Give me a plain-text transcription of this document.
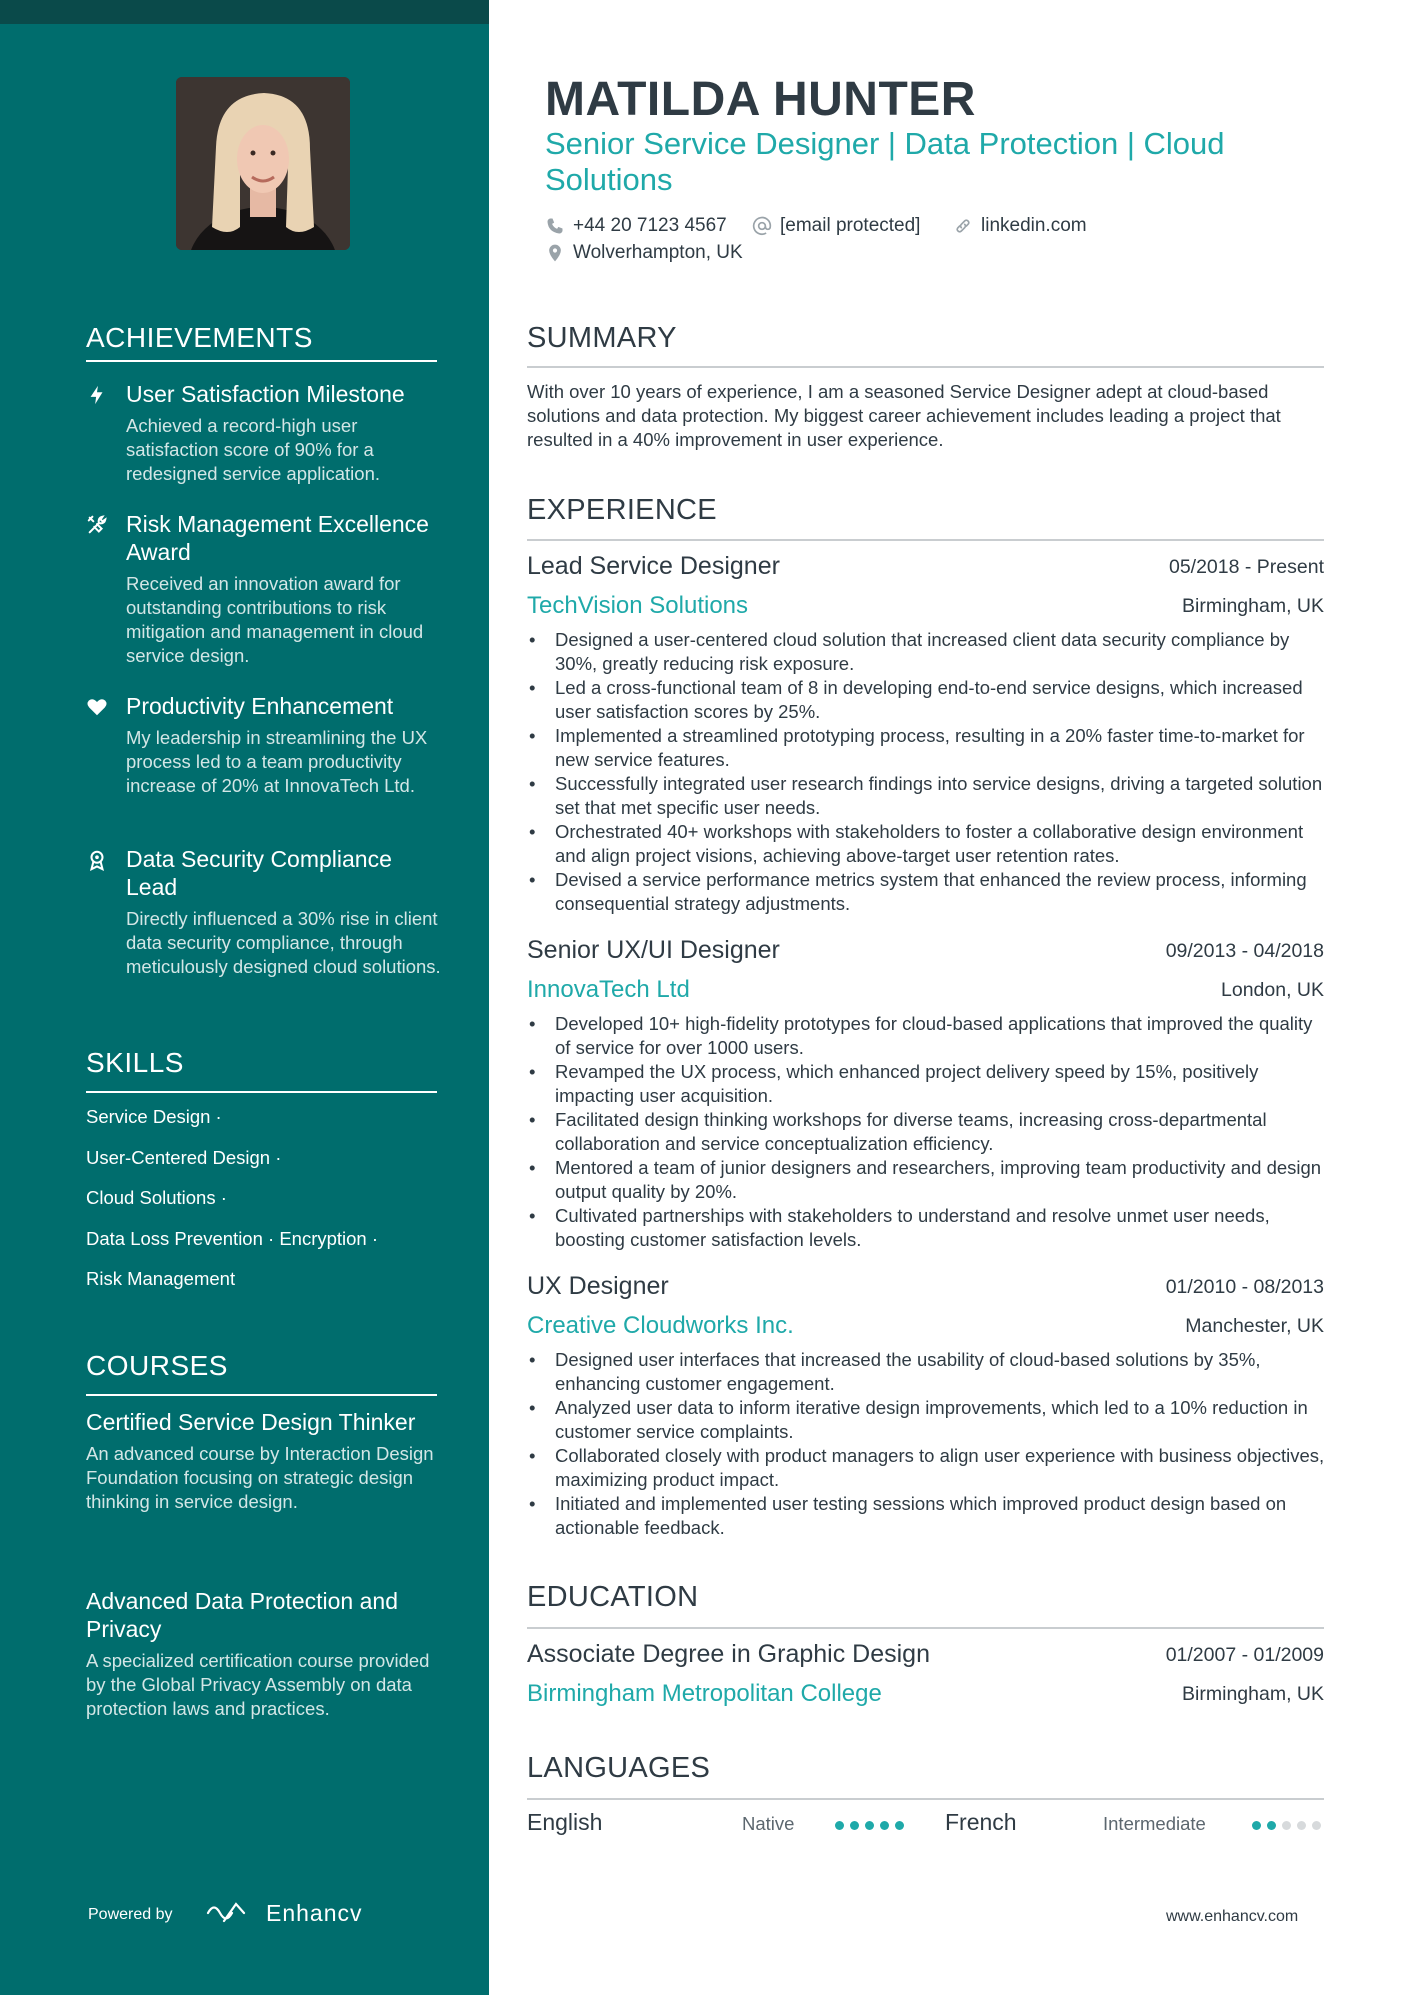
ACHIEVEMENTS
User Satisfaction Milestone
Achieved a record-high user satisfaction score of 90% for a redesigned service application.
Risk Management Excellence Award
Received an innovation award for outstanding contributions to risk mitigation and management in cloud service design.
Productivity Enhancement
My leadership in streamlining the UX process led to a team productivity increase of 20% at InnovaTech Ltd.
Data Security Compliance Lead
Directly influenced a 30% rise in client data security compliance, through meticulously designed cloud solutions.
SKILLS
Service Design ·
User-Centered Design ·
Cloud Solutions ·
Data Loss Prevention · Encryption ·
Risk Management
COURSES
Certified Service Design Thinker
An advanced course by Interaction Design Foundation focusing on strategic design thinking in service design.
Advanced Data Protection and Privacy
A specialized certification course provided by the Global Privacy Assembly on data protection laws and practices.
Powered by	Enhancv
MATILDA HUNTER
Senior Service Designer | Data Protection | Cloud Solutions
+44 20 7123 4567	[email protected]	linkedin.com
Wolverhampton, UK
SUMMARY
With over 10 years of experience, I am a seasoned Service Designer adept at cloud-based solutions and data protection. My biggest career achievement includes leading a project that resulted in a 40% improvement in user experience.
EXPERIENCE
Lead Service Designer	05/2018 - Present
TechVision Solutions	Birmingham, UK
• Designed a user-centered cloud solution that increased client data security compliance by 30%, greatly reducing risk exposure.
• Led a cross-functional team of 8 in developing end-to-end service designs, which increased user satisfaction scores by 25%.
• Implemented a streamlined prototyping process, resulting in a 20% faster time-to-market for new service features.
• Successfully integrated user research findings into service designs, driving a targeted solution set that met specific user needs.
• Orchestrated 40+ workshops with stakeholders to foster a collaborative design environment and align project visions, achieving above-target user retention rates.
• Devised a service performance metrics system that enhanced the review process, informing consequential strategy adjustments.
Senior UX/UI Designer	09/2013 - 04/2018
InnovaTech Ltd	London, UK
• Developed 10+ high-fidelity prototypes for cloud-based applications that improved the quality of service for over 1000 users.
• Revamped the UX process, which enhanced project delivery speed by 15%, positively impacting user acquisition.
• Facilitated design thinking workshops for diverse teams, increasing cross-departmental collaboration and service conceptualization efficiency.
• Mentored a team of junior designers and researchers, improving team productivity and design output quality by 20%.
• Cultivated partnerships with stakeholders to understand and resolve unmet user needs, boosting customer satisfaction levels.
UX Designer	01/2010 - 08/2013
Creative Cloudworks Inc.	Manchester, UK
• Designed user interfaces that increased the usability of cloud-based solutions by 35%, enhancing customer engagement.
• Analyzed user data to inform iterative design improvements, which led to a 10% reduction in customer service complaints.
• Collaborated closely with product managers to align user experience with business objectives, maximizing product impact.
• Initiated and implemented user testing sessions which improved product design based on actionable feedback.
EDUCATION
Associate Degree in Graphic Design	01/2007 - 01/2009
Birmingham Metropolitan College	Birmingham, UK
LANGUAGES
English	Native	French	Intermediate
www.enhancv.com
